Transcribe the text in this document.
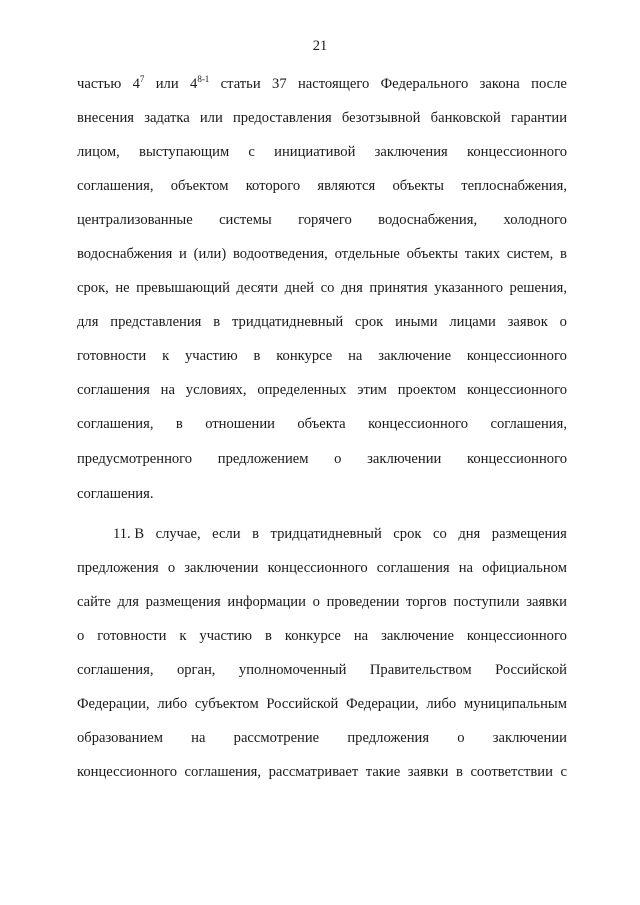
21
частью $4^7$ или 4$^{8-1}$ статьи 37 настоящего Федерального закона после
внесения задатка или предоставления безотзывной банковской гарантии
лицом, выступающим с инициативой заключения концессионного
соглашения, объектом которого являются объекты теплоснабжения,
централизованные системы горячего водоснабжения, холодного
водоснабжения и (или) водоотведения, отдельные объекты таких систем, в
срок, не превышающий десяти дней со дня принятия указанного решения,
для представления в тридцатидневный срок иными лицами заявок о
готовности к участию в конкурсе на заключение концессионного
соглашения на условиях, определенных этим проектом концессионного
соглашения, в отношении объекта концессионного соглашения,
предусмотренного предложением о заключении концессионного
соглашения.
11. В случае, если в тридцатидневный срок со дня размещения
предложения о заключении концессионного соглашения на официальном
сайте для размещения информации о проведении торгов поступили заявки
о готовности к участию в конкурсе на заключение концессионного
соглашения, орган, уполномоченный Правительством Российской
Федерации, либо субъектом Российской Федерации, либо муниципальным
образованием на рассмотрение предложения о заключении
концессионного соглашения, рассматривает такие заявки в соответствии с
